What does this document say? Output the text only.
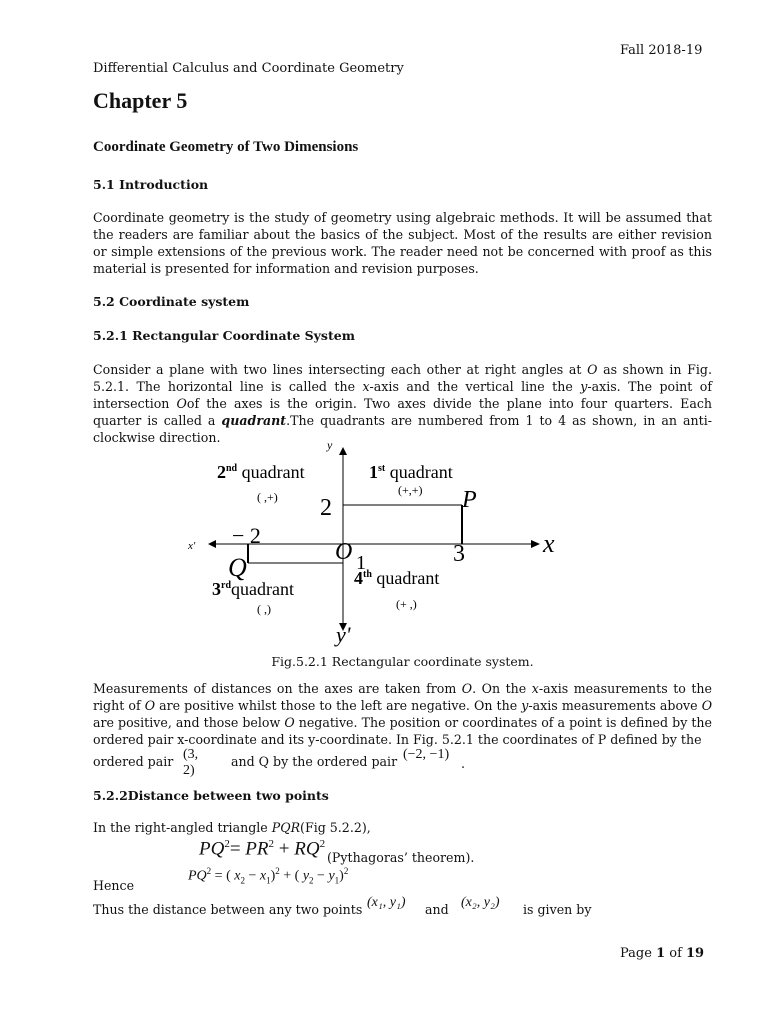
Fall 2018-19
Differential Calculus and Coordinate Geometry
Chapter 5
Coordinate Geometry of Two Dimensions
5.1 Introduction
Coordinate geometry is the study of geometry using algebraic methods. It will be assumed that the readers are familiar about the basics of the subject. Most of the results are either revision or simple extensions of the previous work. The reader need not be concerned with proof as this material is presented for information and revision purposes.
5.2 Coordinate system
5.2.1 Rectangular Coordinate System
Consider a plane with two lines intersecting each other at right angles at O as shown in Fig. 5.2.1. The horizontal line is called the x-axis and the vertical line the y-axis. The point of intersection Oof the axes is the origin. Two axes divide the plane into four quarters. Each quarter is called a quadrant.The quadrants are numbered from 1 to 4 as shown, in an anti-clockwise direction.	y
y'
x
x'
2
− 2
3
O 1
P
Q
2nd quadrant
( ,+)
1st quadrant
(+,+)
3rdquadrant
( ,)
4th quadrant
(+ ,)
Fig.5.2.1 Rectangular coordinate system.
Measurements of distances on the axes are taken from O. On the x-axis measurements to the right of O are positive whilst those to the left are negative. On the y-axis measurements above O are positive, and those below O negative. The position or coordinates of a point is defined by the ordered pair x-coordinate and its y-coordinate. In Fig. 5.2.1 the coordinates of P defined by the
ordered pair (3, 2)
and Q by the ordered pair (−2, −1)
.
5.2.2Distance between two points
In the right-angled triangle PQR(Fig 5.2.2),
$PQ^2= PR^2 + RQ^2$
(Pythagoras’ theorem).
Hence
$PQ^2$ = ( $x_2 - x_1)^2$ + ( $y_2 - y_1)^2$
Thus the distance between any two points (x₁, y₁) and (x₂, y₂) is given by
Page 1 of 19
